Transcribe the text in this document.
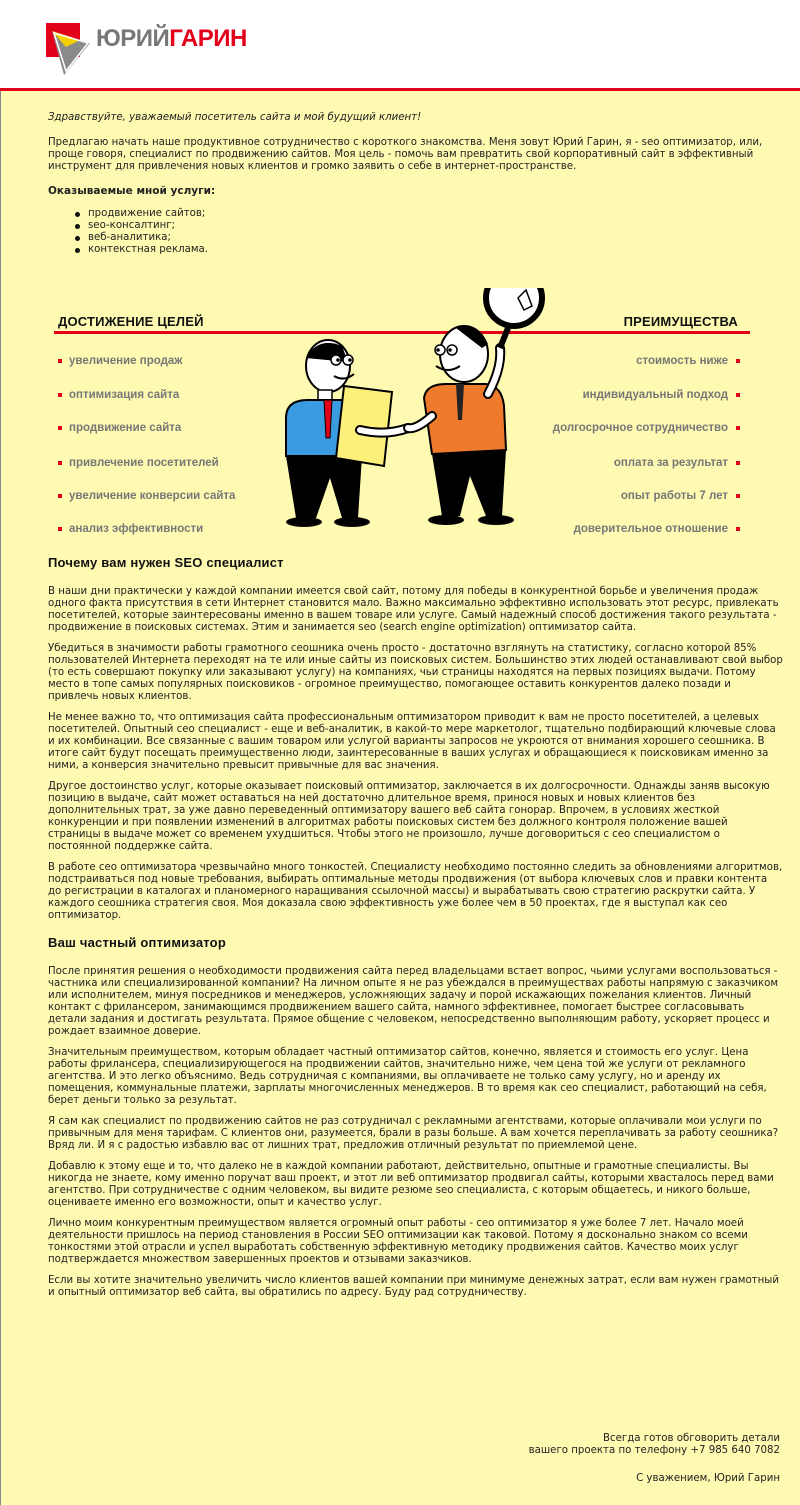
ЮРИЙГАРИН

Здравствуйте, уважаемый посетитель сайта и мой будущий клиент!

Предлагаю начать наше продуктивное сотрудничество с короткого знакомства. Меня зовут Юрий Гарин, я - seo оптимизатор, или, проще говоря, специалист по продвижению сайтов. Моя цель - помочь вам превратить свой корпоративный сайт в эффективный инструмент для привлечения новых клиентов и громко заявить о себе в интернет-пространстве.

Оказываемые мной услуги:
продвижение сайтов;
seo-консалтинг;
веб-аналитика;
контекстная реклама.
ДОСТИЖЕНИЕ ЦЕЛЕЙ	ПРЕИМУЩЕСТВА
увеличение продаж
оптимизация сайта
продвижение сайта
привлечение посетителей
увеличение конверсии сайта
анализ эффективности
стоимость ниже
индивидуальный подход
долгосрочное сотрудничество
оплата за результат
опыт работы 7 лет
доверительное отношение
Почему вам нужен SEO специалист

В наши дни практически у каждой компании имеется свой сайт, потому для победы в конкурентной борьбе и увеличения продаж одного факта присутствия в сети Интернет становится мало. Важно максимально эффективно использовать этот ресурс, привлекать посетителей, которые заинтересованы именно в вашем товаре или услуге. Самый надежный способ достижения такого результата - продвижение в поисковых системах. Этим и занимается seo (search engine optimization) оптимизатор сайта.

Убедиться в значимости работы грамотного сеошника очень просто - достаточно взглянуть на статистику, согласно которой 85% пользователей Интернета переходят на те или иные сайты из поисковых систем. Большинство этих людей останавливают свой выбор (то есть совершают покупку или заказывают услугу) на компаниях, чьи страницы находятся на первых позициях выдачи. Потому место в топе самых популярных поисковиков - огромное преимущество, помогающее оставить конкурентов далеко позади и привлечь новых клиентов.

Не менее важно то, что оптимизация сайта профессиональным оптимизатором приводит к вам не просто посетителей, а целевых посетителей. Опытный сео специалист - еще и веб-аналитик, в какой-то мере маркетолог, тщательно подбирающий ключевые слова и их комбинации. Все связанные с вашим товаром или услугой варианты запросов не укроются от внимания хорошего сеошника. В итоге сайт будут посещать преимущественно люди, заинтересованные в ваших услугах и обращающиеся к поисковикам именно за ними, а конверсия значительно превысит привычные для вас значения.

Другое достоинство услуг, которые оказывает поисковый оптимизатор, заключается в их долгосрочности. Однажды заняв высокую позицию в выдаче, сайт может оставаться на ней достаточно длительное время, принося новых и новых клиентов без дополнительных трат, за уже давно переведенный оптимизатору вашего веб сайта гонорар. Впрочем, в условиях жесткой конкуренции и при появлении изменений в алгоритмах работы поисковых систем без должного контроля положение вашей страницы в выдаче может со временем ухудшиться. Чтобы этого не произошло, лучше договориться с сео специалистом о постоянной поддержке сайта.

В работе сео оптимизатора чрезвычайно много тонкостей. Специалисту необходимо постоянно следить за обновлениями алгоритмов, подстраиваться под новые требования, выбирать оптимальные методы продвижения (от выбора ключевых слов и правки контента до регистрации в каталогах и планомерного наращивания ссылочной массы) и вырабатывать свою стратегию раскрутки сайта. У каждого сеошника стратегия своя. Моя доказала свою эффективность уже более чем в 50 проектах, где я выступал как сео оптимизатор.

Ваш частный оптимизатор

После принятия решения о необходимости продвижения сайта перед владельцами встает вопрос, чьими услугами воспользоваться - частника или специализированной компании? На личном опыте я не раз убеждался в преимуществах работы напрямую с заказчиком или исполнителем, минуя посредников и менеджеров, усложняющих задачу и порой искажающих пожелания клиентов. Личный контакт с фрилансером, занимающимся продвижением вашего сайта, намного эффективнее, помогает быстрее согласовывать детали задания и достигать результата. Прямое общение с человеком, непосредственно выполняющим работу, ускоряет процесс и рождает взаимное доверие.

Значительным преимуществом, которым обладает частный оптимизатор сайтов, конечно, является и стоимость его услуг. Цена работы фрилансера, специализирующегося на продвижении сайтов, значительно ниже, чем цена той же услуги от рекламного агентства. И это легко объяснимо. Ведь сотрудничая с компаниями, вы оплачиваете не только саму услугу, но и аренду их помещения, коммунальные платежи, зарплаты многочисленных менеджеров. В то время как сео специалист, работающий на себя, берет деньги только за результат.

Я сам как специалист по продвижению сайтов не раз сотрудничал с рекламными агентствами, которые оплачивали мои услуги по привычным для меня тарифам. С клиентов они, разумеется, брали в разы больше. А вам хочется переплачивать за работу сеошника? Вряд ли. И я с радостью избавлю вас от лишних трат, предложив отличный результат по приемлемой цене.

Добавлю к этому еще и то, что далеко не в каждой компании работают, действительно, опытные и грамотные специалисты. Вы никогда не знаете, кому именно поручат ваш проект, и этот ли веб оптимизатор продвигал сайты, которыми хвасталось перед вами агентство. При сотрудничестве с одним человеком, вы видите резюме seo специалиста, с которым общаетесь, и никого больше, оцениваете именно его возможности, опыт и качество услуг.

Лично моим конкурентным преимуществом является огромный опыт работы - сео оптимизатор я уже более 7 лет. Начало моей деятельности пришлось на период становления в России SEO оптимизации как таковой. Потому я досконально знаком со всеми тонкостями этой отрасли и успел выработать собственную эффективную методику продвижения сайтов. Качество моих услуг подтверждается множеством завершенных проектов и отзывами заказчиков.

Если вы хотите значительно увеличить число клиентов вашей компании при минимуме денежных затрат, если вам нужен грамотный и опытный оптимизатор веб сайта, вы обратились по адресу. Буду рад сотрудничеству.

Всегда готов обговорить детали

вашего проекта по телефону +7 985 640 7082

С уважением, Юрий Гарин
